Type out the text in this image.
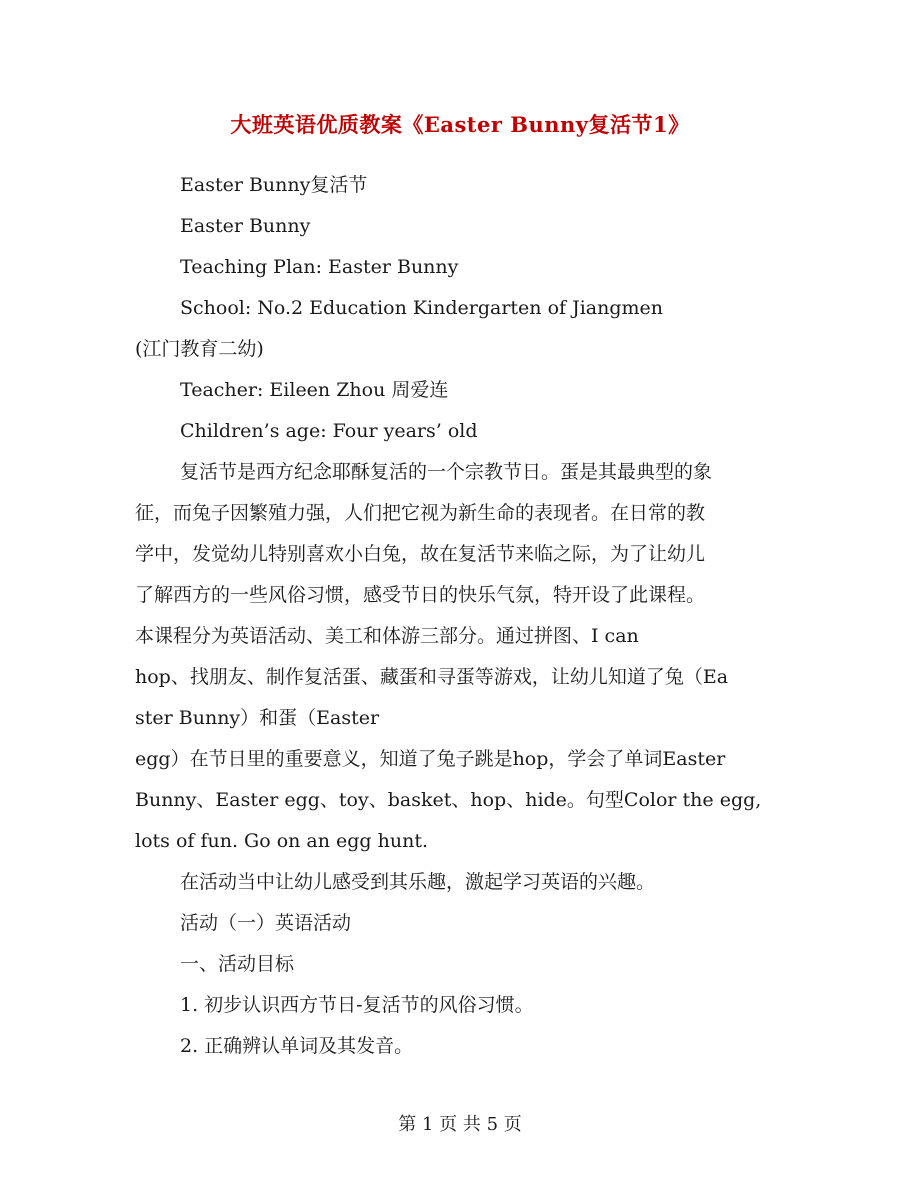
大班英语优质教案《Easter Bunny复活节1》
Easter Bunny复活节
Easter Bunny
Teaching Plan: Easter Bunny
School: No.2 Education Kindergarten of Jiangmen
(江门教育二幼)
Teacher: Eileen Zhou 周爱连
Children’s age: Four years’ old
复活节是西方纪念耶酥复活的一个宗教节日。蛋是其最典型的象
征，而兔子因繁殖力强，人们把它视为新生命的表现者。在日常的教
学中，发觉幼儿特别喜欢小白兔，故在复活节来临之际，为了让幼儿
了解西方的一些风俗习惯，感受节日的快乐气氛，特开设了此课程。
本课程分为英语活动、美工和体游三部分。通过拼图、I can
hop、找朋友、制作复活蛋、藏蛋和寻蛋等游戏，让幼儿知道了兔（Ea
ster Bunny）和蛋（Easter
egg）在节日里的重要意义，知道了兔子跳是hop，学会了单词Easter
Bunny、Easter egg、toy、basket、hop、hide。句型Color the egg,
lots of fun. Go on an egg hunt.
在活动当中让幼儿感受到其乐趣，激起学习英语的兴趣。
活动（一）英语活动
一、活动目标
1. 初步认识西方节日-复活节的风俗习惯。
2. 正确辨认单词及其发音。
第 1 页 共 5 页
